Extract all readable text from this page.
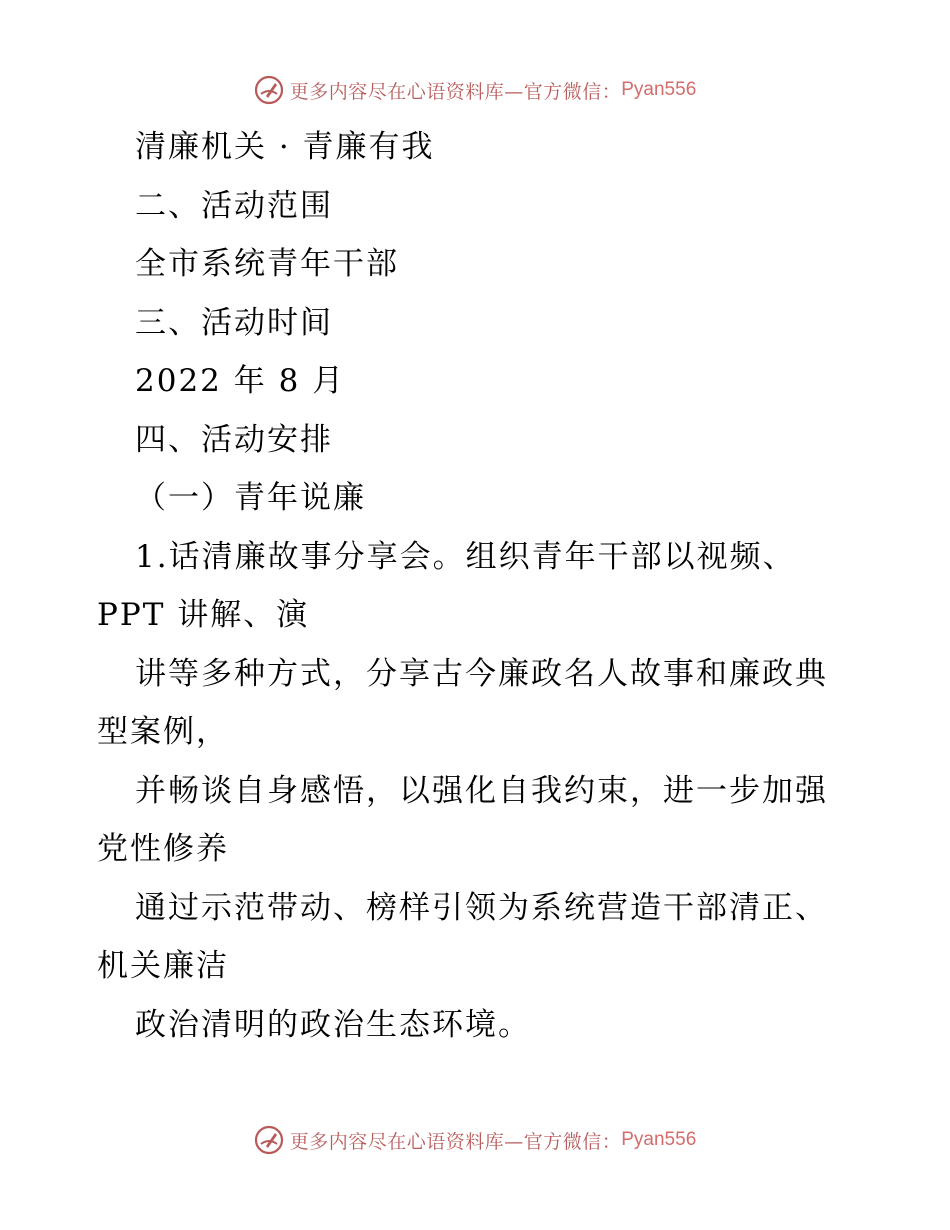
更多内容尽在心语资料库—官方微信： Pyan556
清廉机关 · 青廉有我
二、活动范围
全市系统青年干部
三、活动时间
2022 年 8 月
四、活动安排
（一）青年说廉
1.话清廉故事分享会。组织青年干部以视频、
PPT 讲解、演
讲等多种方式，分享古今廉政名人故事和廉政典
型案例，
并畅谈自身感悟，以强化自我约束，进一步加强
党性修养
通过示范带动、榜样引领为系统营造干部清正、
机关廉洁
政治清明的政治生态环境。
更多内容尽在心语资料库—官方微信： Pyan556
